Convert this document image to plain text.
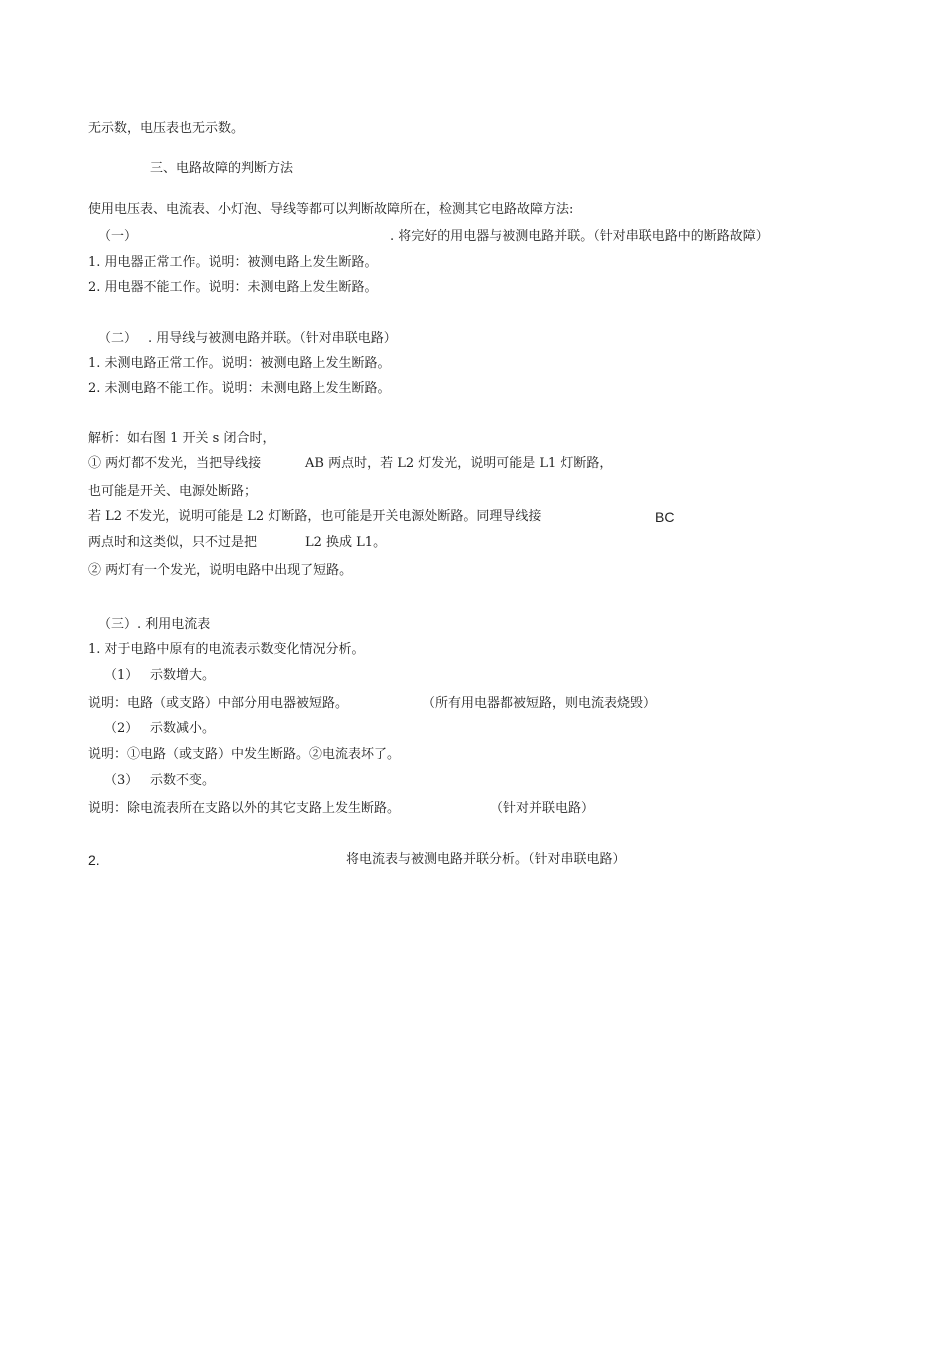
无示数，电压表也无示数。
三、电路故障的判断方法
使用电压表、电流表、小灯泡、导线等都可以判断故障所在，检测其它电路故障方法:
（一）	. 将完好的用电器与被测电路并联。（针对串联电路中的断路故障）
1. 用电器正常工作。说明：被测电路上发生断路。
2. 用电器不能工作。说明：未测电路上发生断路。
（二） . 用导线与被测电路并联。（针对串联电路）
1. 未测电路正常工作。说明：被测电路上发生断路。
2. 未测电路不能工作。说明：未测电路上发生断路。
解析：如右图 1 开关 s 闭合时，
① 两灯都不发光，当把导线接	AB 两点时，若 L2 灯发光，说明可能是 L1 灯断路，
也可能是开关、电源处断路；
若 L2 不发光，说明可能是 L2 灯断路，也可能是开关电源处断路。同理导线接	BC
两点时和这类似，只不过是把	L2 换成 L1。
② 两灯有一个发光，说明电路中出现了短路。
（三）. 利用电流表
1. 对于电路中原有的电流表示数变化情况分析。
（1） 示数增大。
说明：电路（或支路）中部分用电器被短路。	（所有用电器都被短路，则电流表烧毁）
（2） 示数减小。
说明：①电路（或支路）中发生断路。②电流表坏了。
（3） 示数不变。
说明：除电流表所在支路以外的其它支路上发生断路。	（针对并联电路）
2.	将电流表与被测电路并联分析。（针对串联电路）
